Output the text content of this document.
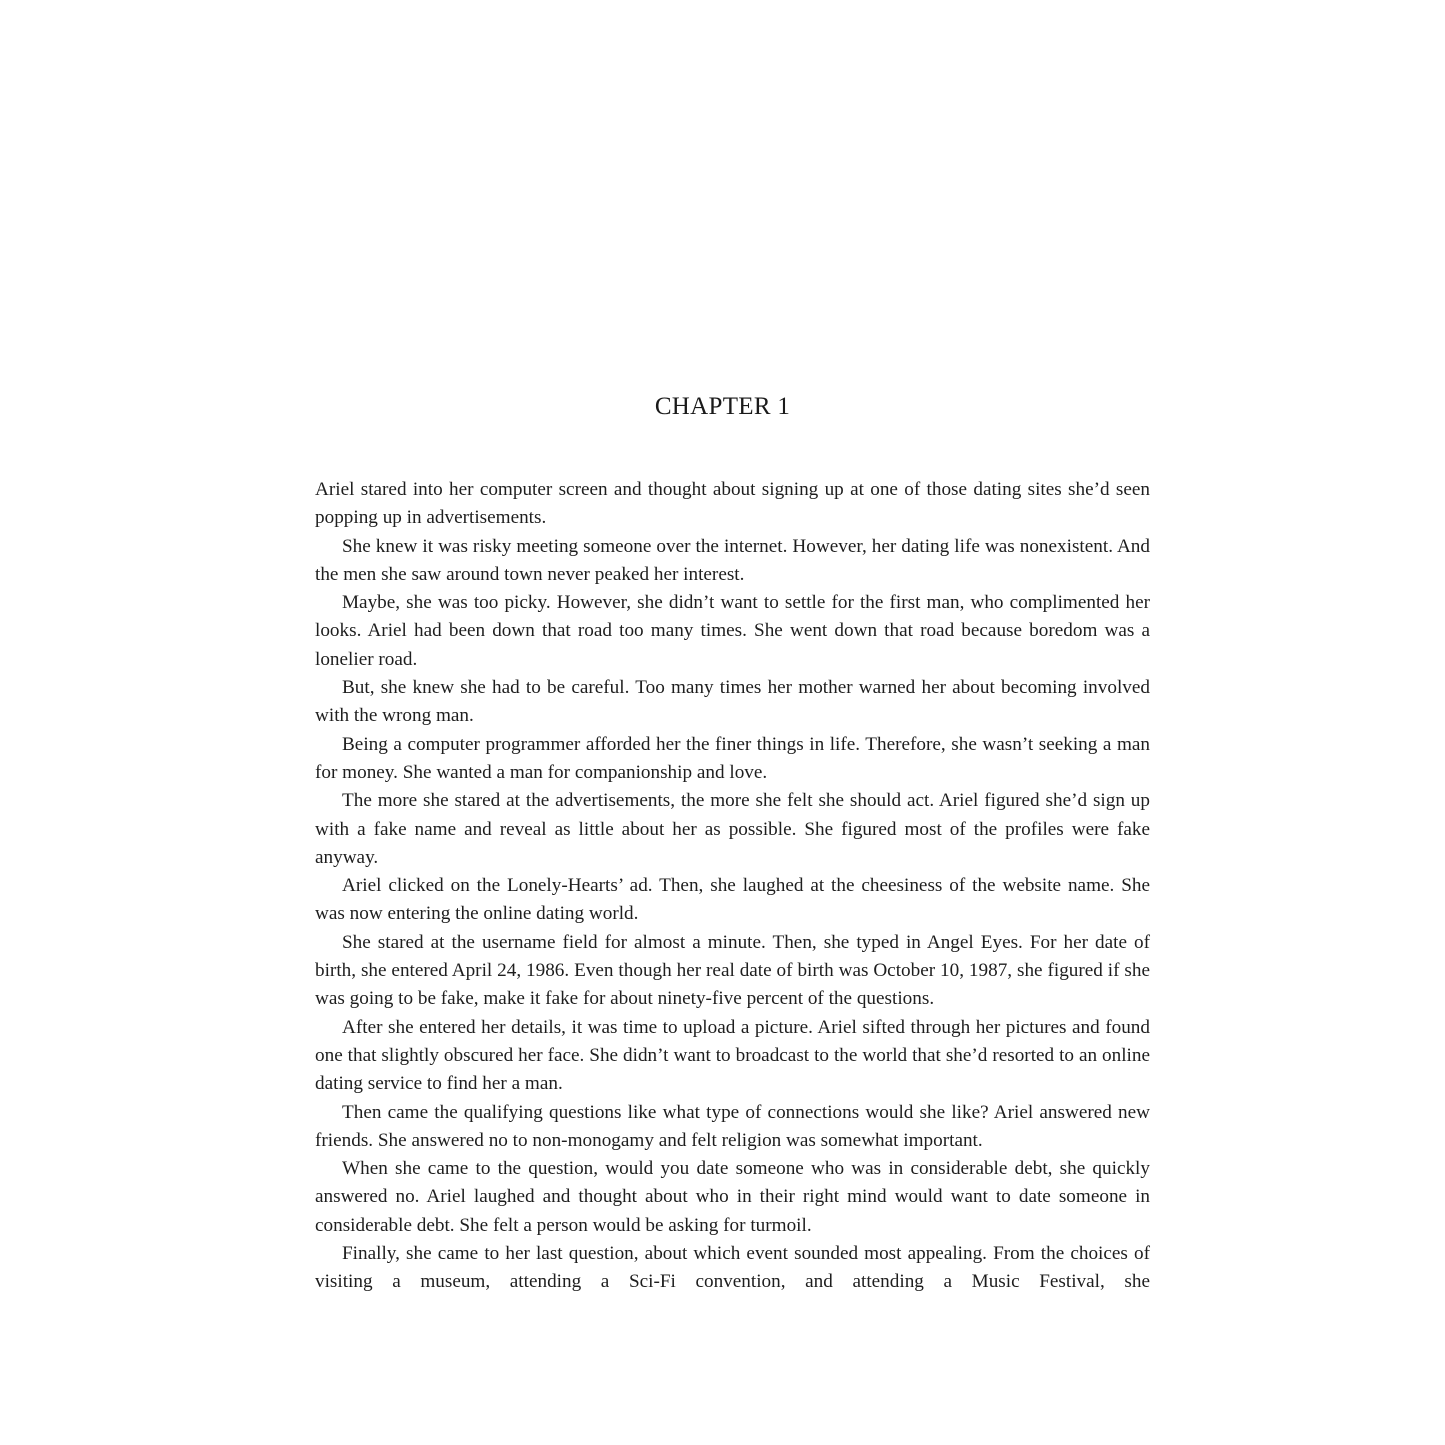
CHAPTER 1

Ariel stared into her computer screen and thought about signing up at one of those dating sites she’d seen popping up in advertisements.

She knew it was risky meeting someone over the internet. However, her dating life was nonexistent. And the men she saw around town never peaked her interest.

Maybe, she was too picky. However, she didn’t want to settle for the first man, who complimented her looks. Ariel had been down that road too many times. She went down that road because boredom was a lonelier road.

But, she knew she had to be careful. Too many times her mother warned her about becoming involved with the wrong man.

Being a computer programmer afforded her the finer things in life. Therefore, she wasn’t seeking a man for money. She wanted a man for companionship and love.

The more she stared at the advertisements, the more she felt she should act. Ariel figured she’d sign up with a fake name and reveal as little about her as possible. She figured most of the profiles were fake anyway.

Ariel clicked on the Lonely-Hearts’ ad. Then, she laughed at the cheesiness of the website name. She was now entering the online dating world.

She stared at the username field for almost a minute. Then, she typed in Angel Eyes. For her date of birth, she entered April 24, 1986. Even though her real date of birth was October 10, 1987, she figured if she was going to be fake, make it fake for about ninety-five percent of the questions.

After she entered her details, it was time to upload a picture. Ariel sifted through her pictures and found one that slightly obscured her face. She didn’t want to broadcast to the world that she’d resorted to an online dating service to find her a man.

Then came the qualifying questions like what type of connections would she like? Ariel answered new friends. She answered no to non-monogamy and felt religion was somewhat important.

When she came to the question, would you date someone who was in considerable debt, she quickly answered no. Ariel laughed and thought about who in their right mind would want to date someone in considerable debt. She felt a person would be asking for turmoil.

Finally, she came to her last question, about which event sounded most appealing. From the choices of visiting a museum, attending a Sci-Fi convention, and attending a Music Festival, she
